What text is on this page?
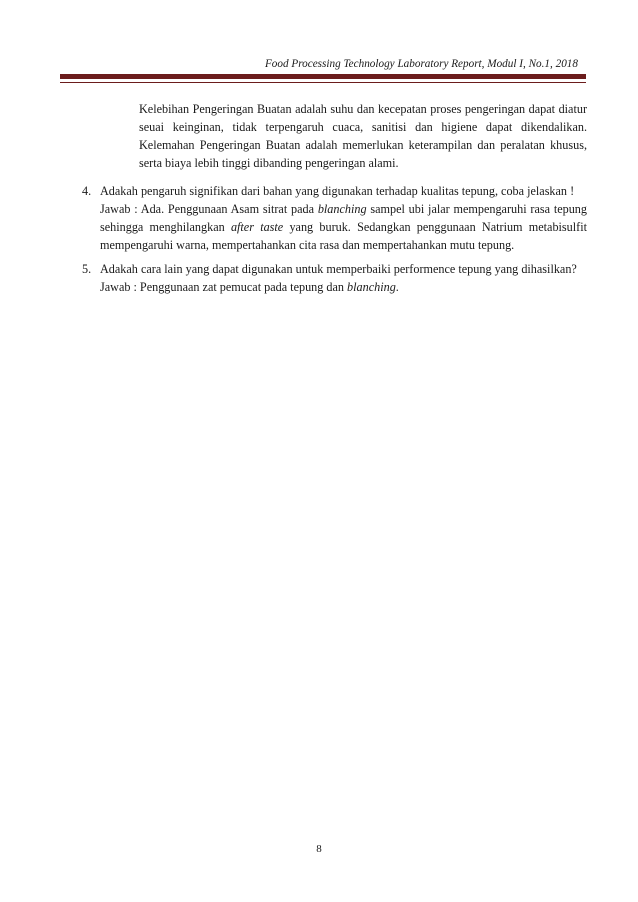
Food Processing Technology Laboratory Report, Modul I, No.1, 2018
Kelebihan Pengeringan Buatan adalah suhu dan kecepatan proses pengeringan dapat diatur
seuai keinginan, tidak terpengaruh cuaca, sanitisi dan higiene dapat dikendalikan.
Kelemahan Pengeringan Buatan adalah memerlukan keterampilan dan peralatan khusus,
serta biaya lebih tinggi dibanding pengeringan alami.
4. Adakah pengaruh signifikan dari bahan yang digunakan terhadap kualitas tepung, coba jelaskan !
Jawab : Ada. Penggunaan Asam sitrat pada blanching sampel ubi jalar mempengaruhi rasa tepung
sehingga menghilangkan after taste yang buruk. Sedangkan penggunaan Natrium metabisulfit
mempengaruhi warna, mempertahankan cita rasa dan mempertahankan mutu tepung.
5. Adakah cara lain yang dapat digunakan untuk memperbaiki performence tepung yang dihasilkan?
Jawab : Penggunaan zat pemucat pada tepung dan blanching.
8
